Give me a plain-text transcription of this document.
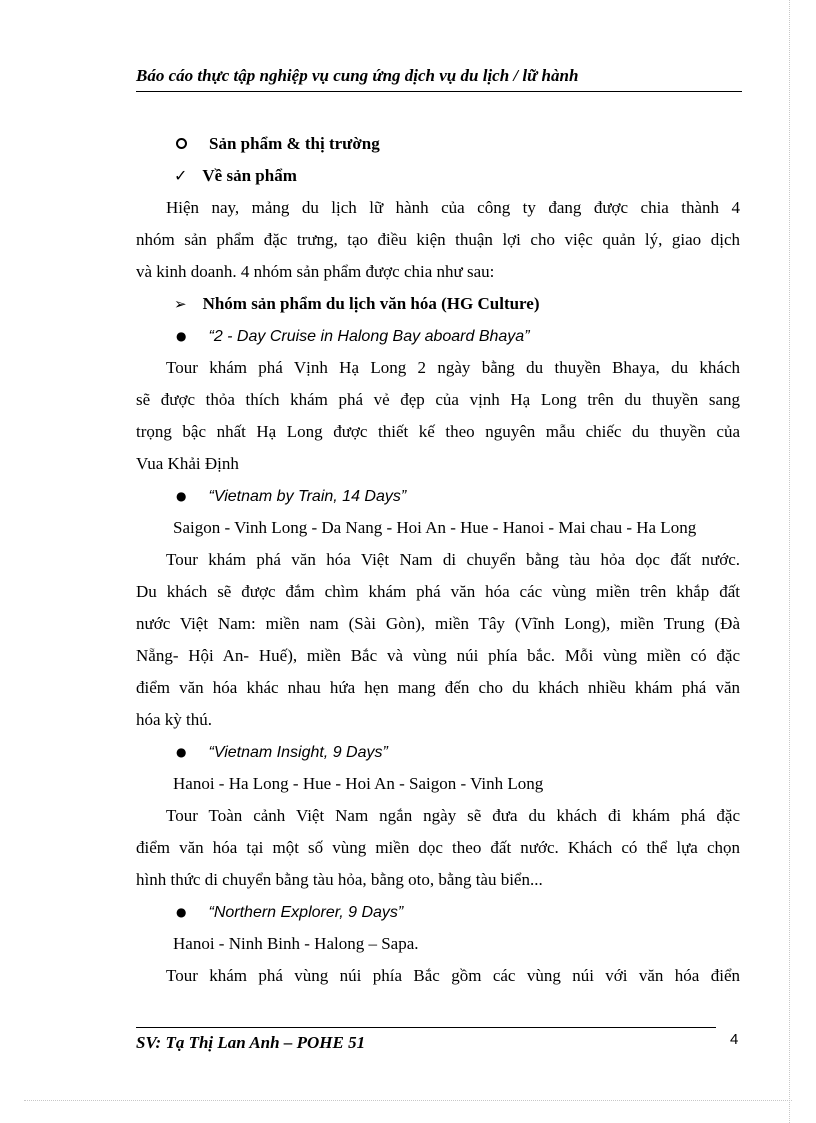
Báo cáo thực tập nghiệp vụ cung ứng dịch vụ du lịch / lữ hành
Sản phẩm & thị trường
✓ Về sản phẩm
Hiện nay, mảng du lịch lữ hành của công ty đang được chia thành 4
nhóm sản phẩm đặc trưng, tạo điều kiện thuận lợi cho việc quản lý, giao dịch
và kinh doanh. 4 nhóm sản phẩm được chia như sau:
➢ Nhóm sản phẩm du lịch văn hóa (HG Culture)
● “2 - Day Cruise in Halong Bay aboard Bhaya”
Tour khám phá Vịnh Hạ Long 2 ngày bằng du thuyền Bhaya, du khách
sẽ được thỏa thích khám phá vẻ đẹp của vịnh Hạ Long trên du thuyền sang
trọng bậc nhất Hạ Long được thiết kế theo nguyên mẫu chiếc du thuyền của
Vua Khải Định
● “Vietnam by Train, 14 Days”
Saigon - Vinh Long - Da Nang - Hoi An - Hue - Hanoi - Mai chau - Ha Long
Tour khám phá văn hóa Việt Nam di chuyển bằng tàu hỏa dọc đất nước.
Du khách sẽ được đắm chìm khám phá văn hóa các vùng miền trên khắp đất
nước Việt Nam: miền nam (Sài Gòn), miền Tây (Vĩnh Long), miền Trung (Đà
Nẵng- Hội An- Huế), miền Bắc và vùng núi phía bắc. Mỗi vùng miền có đặc
điểm văn hóa khác nhau hứa hẹn mang đến cho du khách nhiều khám phá văn
hóa kỳ thú.
● “Vietnam Insight, 9 Days”
Hanoi - Ha Long - Hue - Hoi An - Saigon - Vinh Long
Tour Toàn cảnh Việt Nam ngắn ngày sẽ đưa du khách đi khám phá đặc
điểm văn hóa tại một số vùng miền dọc theo đất nước. Khách có thể lựa chọn
hình thức di chuyển bằng tàu hỏa, bằng oto, bằng tàu biển...
● “Northern Explorer, 9 Days”
Hanoi - Ninh Binh - Halong – Sapa.
Tour khám phá vùng núi phía Bắc gồm các vùng núi với văn hóa điển
SV: Tạ Thị Lan Anh – POHE 51	4
